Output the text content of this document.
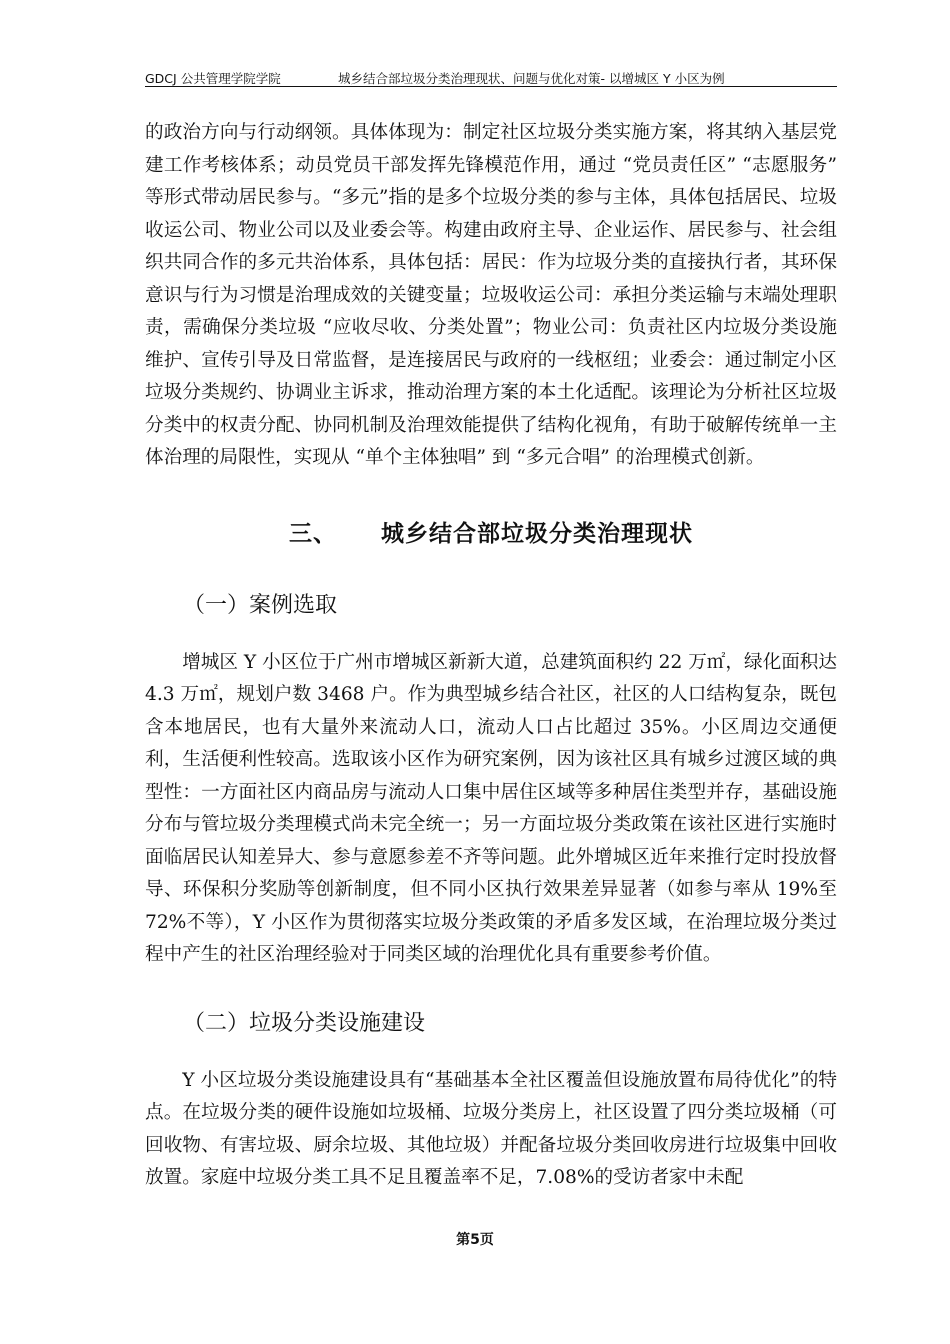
GDCJ 公共管理学院学院	城乡结合部垃圾分类治理现状、问题与优化对策- 以增城区 Y 小区为例

的政治方向与行动纲领。具体体现为：制定社区垃圾分类实施方案，将其纳入基层党建工作考核体系；动员党员干部发挥先锋模范作用，通过 “党员责任区” “志愿服务” 等形式带动居民参与。“多元”指的是多个垃圾分类的参与主体，具体包括居民、垃圾收运公司、物业公司以及业委会等。构建由政府主导、企业运作、居民参与、社会组织共同合作的多元共治体系，具体包括：居民：作为垃圾分类的直接执行者，其环保意识与行为习惯是治理成效的关键变量；垃圾收运公司：承担分类运输与末端处理职责，需确保分类垃圾 “应收尽收、分类处置”；物业公司：负责社区内垃圾分类设施维护、宣传引导及日常监督，是连接居民与政府的一线枢纽；业委会：通过制定小区垃圾分类规约、协调业主诉求，推动治理方案的本土化适配。该理论为分析社区垃圾分类中的权责分配、协同机制及治理效能提供了结构化视角，有助于破解传统单一主体治理的局限性，实现从 “单个主体独唱” 到 “多元合唱” 的治理模式创新。

三、 城乡结合部垃圾分类治理现状
（一）案例选取

增城区 Y 小区位于广州市增城区新新大道，总建筑面积约 22 万㎡，绿化面积达 4.3 万㎡，规划户数 3468 户。作为典型城乡结合社区，社区的人口结构复杂，既包含本地居民，也有大量外来流动人口，流动人口占比超过 35%。小区周边交通便利，生活便利性较高。选取该小区作为研究案例，因为该社区具有城乡过渡区域的典型性：一方面社区内商品房与流动人口集中居住区域等多种居住类型并存，基础设施分布与管垃圾分类理模式尚未完全统一；另一方面垃圾分类政策在该社区进行实施时面临居民认知差异大、参与意愿参差不齐等问题。此外增城区近年来推行定时投放督导、环保积分奖励等创新制度，但不同小区执行效果差异显著（如参与率从 19%至 72%不等），Y 小区作为贯彻落实垃圾分类政策的矛盾多发区域，在治理垃圾分类过程中产生的社区治理经验对于同类区域的治理优化具有重要参考价值。

（二）垃圾分类设施建设

Y 小区垃圾分类设施建设具有“基础基本全社区覆盖但设施放置布局待优化”的特点。在垃圾分类的硬件设施如垃圾桶、垃圾分类房上，社区设置了四分类垃圾桶（可回收物、有害垃圾、厨余垃圾、其他垃圾）并配备垃圾分类回收房进行垃圾集中回收放置。家庭中垃圾分类工具不足且覆盖率不足，7.08%的受访者家中未配

第5页
